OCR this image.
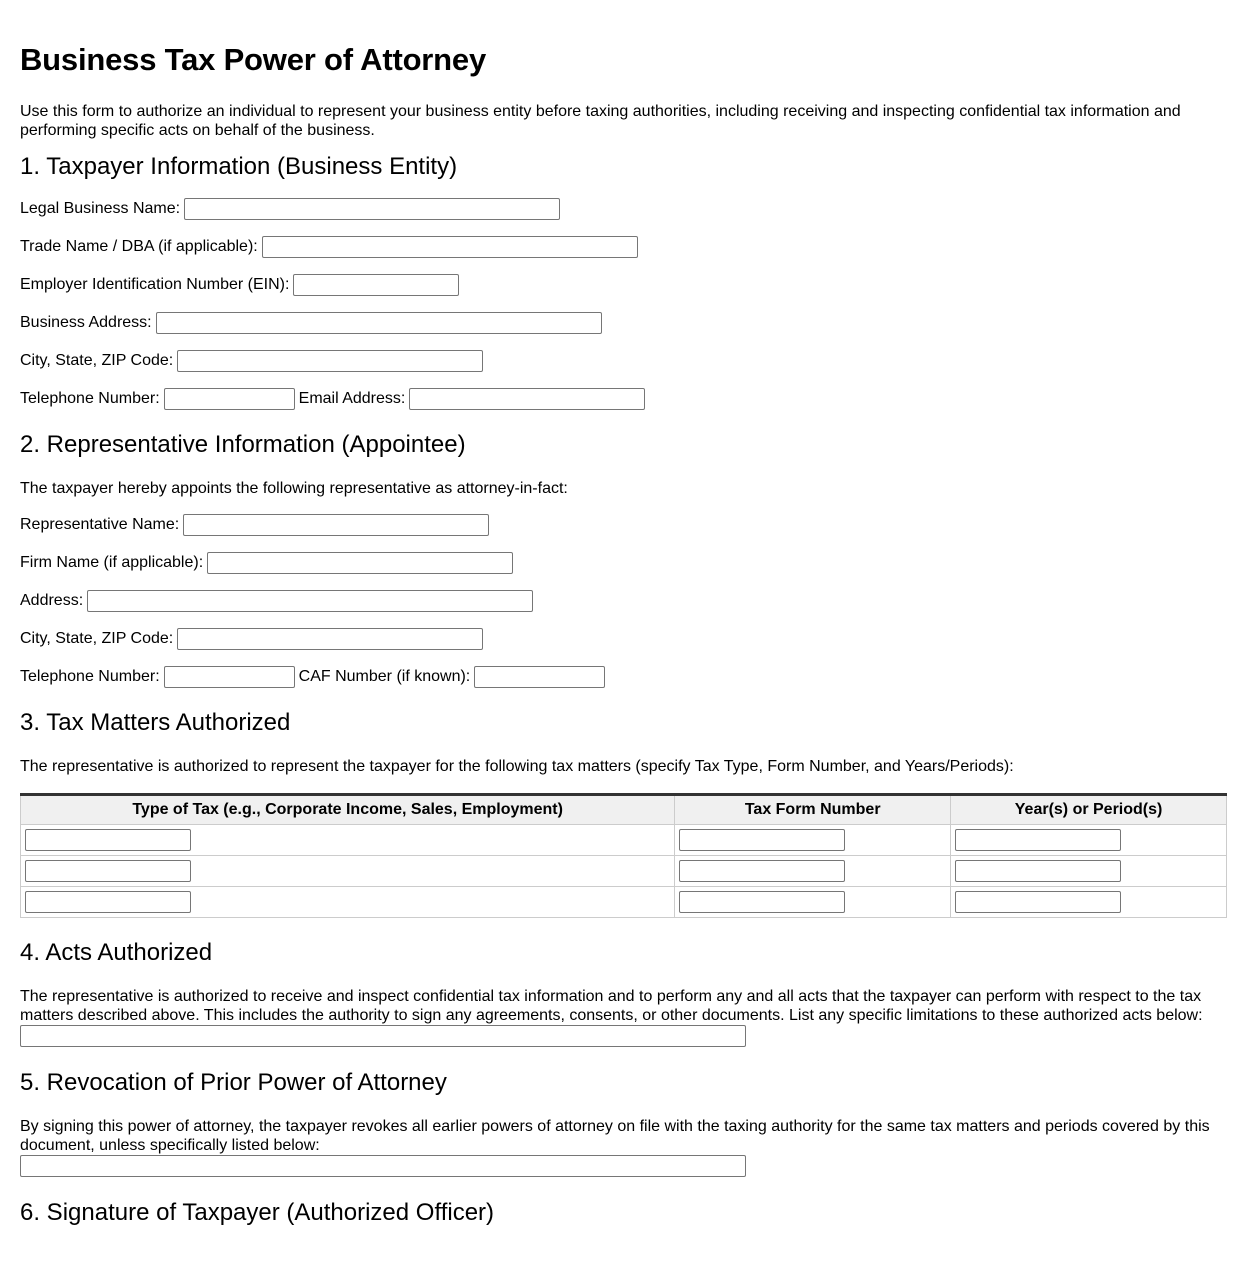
Business Tax Power of Attorney
Use this form to authorize an individual to represent your business entity before taxing authorities, including receiving and inspecting confidential tax information and performing specific acts on behalf of the business.
1. Taxpayer Information (Business Entity)
Legal Business Name:
Trade Name / DBA (if applicable):
Employer Identification Number (EIN):
Business Address:
City, State, ZIP Code:
Telephone Number:	Email Address:
2. Representative Information (Appointee)
The taxpayer hereby appoints the following representative as attorney-in-fact:
Representative Name:
Firm Name (if applicable):
Address:
City, State, ZIP Code:
Telephone Number:	CAF Number (if known):
3. Tax Matters Authorized
The representative is authorized to represent the taxpayer for the following tax matters (specify Tax Type, Form Number, and Years/Periods):
Type of Tax (e.g., Corporate Income, Sales, Employment)	Tax Form Number	Year(s) or Period(s)

4. Acts Authorized
The representative is authorized to receive and inspect confidential tax information and to perform any and all acts that the taxpayer can perform with respect to the tax matters described above. This includes the authority to sign any agreements, consents, or other documents. List any specific limitations to these authorized acts below:
5. Revocation of Prior Power of Attorney
By signing this power of attorney, the taxpayer revokes all earlier powers of attorney on file with the taxing authority for the same tax matters and periods covered by this document, unless specifically listed below:
6. Signature of Taxpayer (Authorized Officer)
